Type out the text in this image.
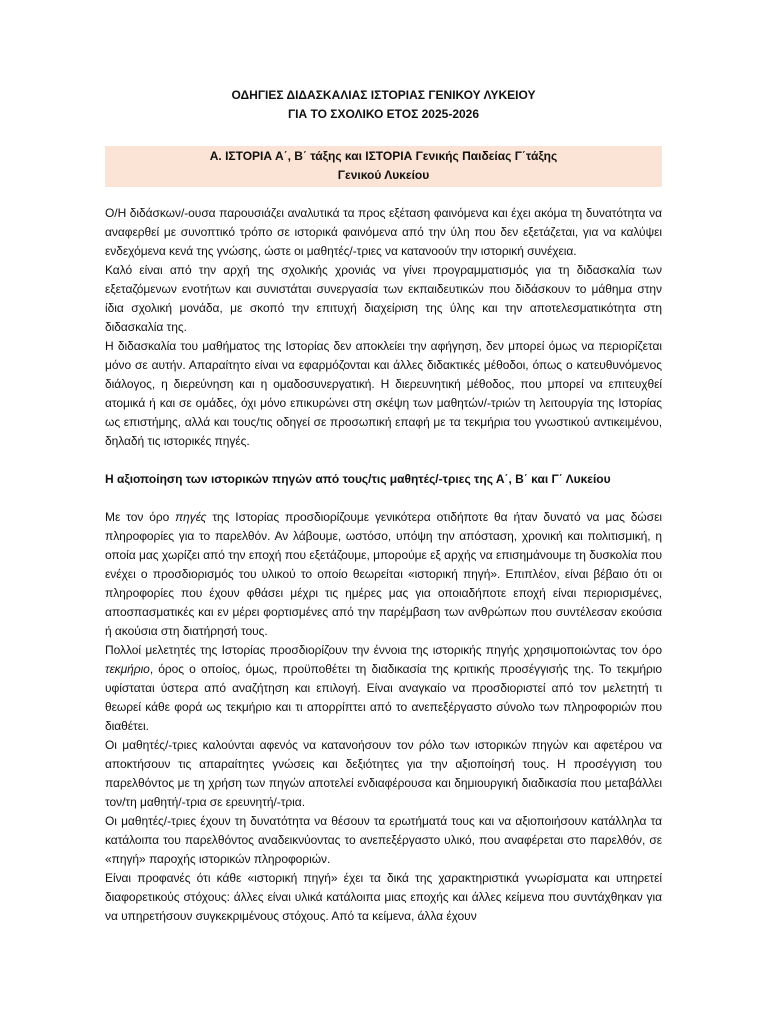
ΟΔΗΓΙΕΣ ΔΙΔΑΣΚΑΛΙΑΣ ΙΣΤΟΡΙΑΣ ΓΕΝΙΚΟΥ ΛΥΚΕΙΟΥ
ΓΙΑ ΤΟ ΣΧΟΛΙΚΟ ΕΤΟΣ 2025-2026
Α. ΙΣΤΟΡΙΑ Α΄, Β΄ τάξης και ΙΣΤΟΡΙΑ Γενικής Παιδείας Γ΄τάξης
Γενικού Λυκείου

Ο/Η διδάσκων/-ουσα παρουσιάζει αναλυτικά τα προς εξέταση φαινόμενα και έχει ακόμα τη δυνατότητα να αναφερθεί με συνοπτικό τρόπο σε ιστορικά φαινόμενα από την ύλη που δεν εξετάζεται, για να καλύψει ενδεχόμενα κενά της γνώσης, ώστε οι μαθητές/-τριες να κατανοούν την ιστορική συνέχεια.

Καλό είναι από την αρχή της σχολικής χρονιάς να γίνει προγραμματισμός για τη διδασκαλία των εξεταζόμενων ενοτήτων και συνιστάται συνεργασία των εκπαιδευτικών που διδάσκουν το μάθημα στην ίδια σχολική μονάδα, με σκοπό την επιτυχή διαχείριση της ύλης και την αποτελεσματικότητα στη διδασκαλία της.

Η διδασκαλία του μαθήματος της Ιστορίας δεν αποκλείει την αφήγηση, δεν μπορεί όμως να περιορίζεται μόνο σε αυτήν. Απαραίτητο είναι να εφαρμόζονται και άλλες διδακτικές μέθοδοι, όπως ο κατευθυνόμενος διάλογος, η διερεύνηση και η ομαδοσυνεργατική. Η διερευνητική μέθοδος, που μπορεί να επιτευχθεί ατομικά ή και σε ομάδες, όχι μόνο επικυρώνει στη σκέψη των μαθητών/-τριών τη λειτουργία της Ιστορίας ως επιστήμης, αλλά και τους/τις οδηγεί σε προσωπική επαφή με τα τεκμήρια του γνωστικού αντικειμένου, δηλαδή τις ιστορικές πηγές.

Η αξιοποίηση των ιστορικών πηγών από τους/τις μαθητές/-τριες της Α΄, Β΄ και Γ΄ Λυκείου

Με τον όρο πηγές της Ιστορίας προσδιορίζουμε γενικότερα οτιδήποτε θα ήταν δυνατό να μας δώσει πληροφορίες για το παρελθόν. Αν λάβουμε, ωστόσο, υπόψη την απόσταση, χρονική και πολιτισμική, η οποία μας χωρίζει από την εποχή που εξετάζουμε, μπορούμε εξ αρχής να επισημάνουμε τη δυσκολία που ενέχει ο προσδιορισμός του υλικού το οποίο θεωρείται «ιστορική πηγή». Επιπλέον, είναι βέβαιο ότι οι πληροφορίες που έχουν φθάσει μέχρι τις ημέρες μας για οποιαδήποτε εποχή είναι περιορισμένες, αποσπασματικές και εν μέρει φορτισμένες από την παρέμβαση των ανθρώπων που συντέλεσαν εκούσια ή ακούσια στη διατήρησή τους.

Πολλοί μελετητές της Ιστορίας προσδιορίζουν την έννοια της ιστορικής πηγής χρησιμοποιώντας τον όρο τεκμήριο, όρος ο οποίος, όμως, προϋποθέτει τη διαδικασία της κριτικής προσέγγισής της. Το τεκμήριο υφίσταται ύστερα από αναζήτηση και επιλογή. Είναι αναγκαίο να προσδιοριστεί από τον μελετητή τι θεωρεί κάθε φορά ως τεκμήριο και τι απορρίπτει από το ανεπεξέργαστο σύνολο των πληροφοριών που διαθέτει.

Οι μαθητές/-τριες καλούνται αφενός να κατανοήσουν τον ρόλο των ιστορικών πηγών και αφετέρου να αποκτήσουν τις απαραίτητες γνώσεις και δεξιότητες για την αξιοποίησή τους. Η προσέγγιση του παρελθόντος με τη χρήση των πηγών αποτελεί ενδιαφέρουσα και δημιουργική διαδικασία που μεταβάλλει τον/τη μαθητή/-τρια σε ερευνητή/-τρια.

Οι μαθητές/-τριες έχουν τη δυνατότητα να θέσουν τα ερωτήματά τους και να αξιοποιήσουν κατάλληλα τα κατάλοιπα του παρελθόντος αναδεικνύοντας το ανεπεξέργαστο υλικό, που αναφέρεται στο παρελθόν, σε «πηγή» παροχής ιστορικών πληροφοριών.

Είναι προφανές ότι κάθε «ιστορική πηγή» έχει τα δικά της χαρακτηριστικά γνωρίσματα και υπηρετεί διαφορετικούς στόχους: άλλες είναι υλικά κατάλοιπα μιας εποχής και άλλες κείμενα που συντάχθηκαν για να υπηρετήσουν συγκεκριμένους στόχους. Από τα κείμενα, άλλα έχουν
